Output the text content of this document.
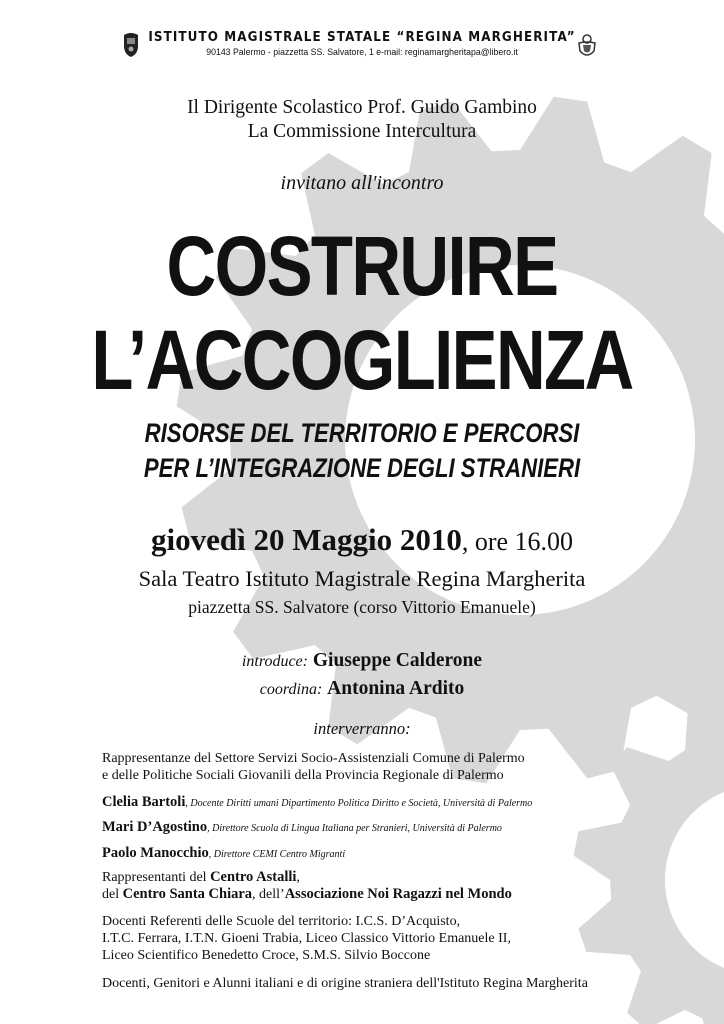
ISTITUTO MAGISTRALE STATALE “REGINA MARGHERITA”
90143 Palermo - piazzetta SS. Salvatore, 1 e-mail: reginamargheritapa@libero.it
Il Dirigente Scolastico Prof. Guido Gambino
La Commissione Intercultura
invitano all'incontro
COSTRUIRE
L’ACCOGLIENZA
RISORSE DEL TERRITORIO E PERCORSI
PER L’INTEGRAZIONE DEGLI STRANIERI
giovedì 20 Maggio 2010, ore 16.00
Sala Teatro Istituto Magistrale Regina Margherita
piazzetta SS. Salvatore (corso Vittorio Emanuele)
introduce: Giuseppe Calderone
coordina: Antonina Ardito
interverranno:
Rappresentanze del Settore Servizi Socio-Assistenziali Comune di Palermo
e delle Politiche Sociali Giovanili della Provincia Regionale di Palermo
Clelia Bartoli, Docente Diritti umani Dipartimento Politica Diritto e Società, Università di Palermo
Mari D’Agostino, Direttore Scuola di Lingua Italiana per Stranieri, Università di Palermo
Paolo Manocchio, Direttore CEMI Centro Migranti
Rappresentanti del Centro Astalli,
del Centro Santa Chiara, dell’Associazione Noi Ragazzi nel Mondo
Docenti Referenti delle Scuole del territorio: I.C.S. D’Acquisto,
I.T.C. Ferrara, I.T.N. Gioeni Trabia, Liceo Classico Vittorio Emanuele II,
Liceo Scientifico Benedetto Croce, S.M.S. Silvio Boccone
Docenti, Genitori e Alunni italiani e di origine straniera dell'Istituto Regina Margherita
